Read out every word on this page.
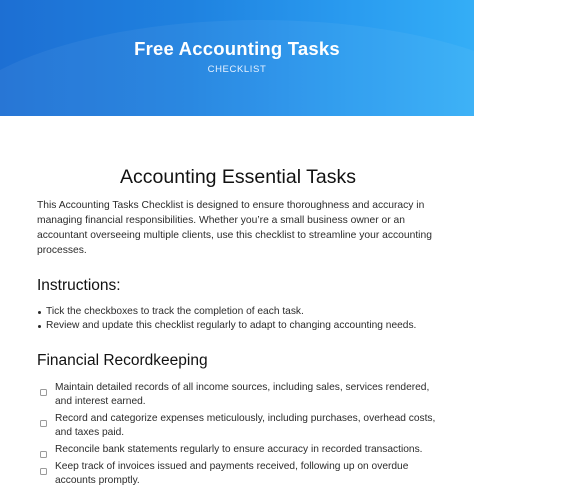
Free Accounting Tasks
CHECKLIST
Accounting Essential Tasks

This Accounting Tasks Checklist is designed to ensure thoroughness and accuracy in managing financial responsibilities. Whether you’re a small business owner or an accountant overseeing multiple clients, use this checklist to streamline your accounting processes.

Instructions:
Tick the checkboxes to track the completion of each task.
Review and update this checklist regularly to adapt to changing accounting needs.
Financial Recordkeeping
Maintain detailed records of all income sources, including sales, services rendered, and interest earned.
Record and categorize expenses meticulously, including purchases, overhead costs, and taxes paid.
Reconcile bank statements regularly to ensure accuracy in recorded transactions.
Keep track of invoices issued and payments received, following up on overdue accounts promptly.
